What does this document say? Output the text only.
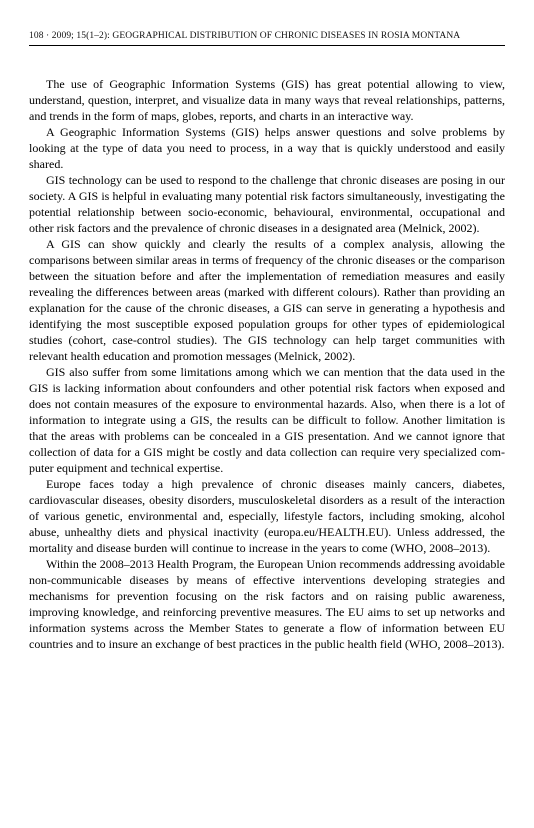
108 · 2009; 15(1–2): GEOGRAPHICAL DISTRIBUTION OF CHRONIC DISEASES IN ROSIA MONTANA

The use of Geographic Information Systems (GIS) has great potential allowing to view, understand, question, interpret, and visualize data in many ways that reveal relationships, patterns, and trends in the form of maps, globes, reports, and charts in an interactive way.

A Geographic Information Systems (GIS) helps answer questions and solve problems by looking at the type of data you need to process, in a way that is quickly understood and easily shared.

GIS technology can be used to respond to the challenge that chronic diseases are posing in our society. A GIS is helpful in evaluating many potential risk factors simultaneously, investigating the potential relationship between socio-economic, behavioural, environmental, occupational and other risk factors and the prevalence of chronic diseases in a designated area (Melnick, 2002).

A GIS can show quickly and clearly the results of a complex analysis, allowing the comparisons between similar areas in terms of frequency of the chronic diseases or the comparison between the situation before and after the implementation of remediation measures and easily revealing the differences between areas (marked with different colours). Rather than providing an explanation for the cause of the chronic diseases, a GIS can serve in generating a hypothesis and identifying the most susceptible exposed population groups for other types of epidemiological studies (cohort, case-control studies). The GIS technology can help target communities with relevant health education and promotion messages (Melnick, 2002).

GIS also suffer from some limitations among which we can mention that the data used in the GIS is lacking information about confounders and other potential risk factors when exposed and does not contain measures of the exposure to environmental hazards. Also, when there is a lot of information to integrate using a GIS, the results can be difficult to follow. Another limitation is that the areas with problems can be concealed in a GIS presentation. And we cannot ignore that collection of data for a GIS might be costly and data collection can require very specialized computer equipment and technical expertise.

Europe faces today a high prevalence of chronic diseases mainly cancers, diabetes, cardiovascular diseases, obesity disorders, musculoskeletal disorders as a result of the interaction of various genetic, environmental and, especially, lifestyle factors, including smoking, alcohol abuse, unhealthy diets and physical inactivity (europa.eu/HEALTH.EU). Unless addressed, the mortality and disease burden will continue to increase in the years to come (WHO, 2008–2013).

Within the 2008–2013 Health Program, the European Union recommends addressing avoidable non-communicable diseases by means of effective interventions developing strategies and mechanisms for prevention focusing on the risk factors and on raising public awareness, improving knowledge, and reinforcing preventive measures. The EU aims to set up networks and information systems across the Member States to generate a flow of information between EU countries and to insure an exchange of best practices in the public health field (WHO, 2008–2013).
